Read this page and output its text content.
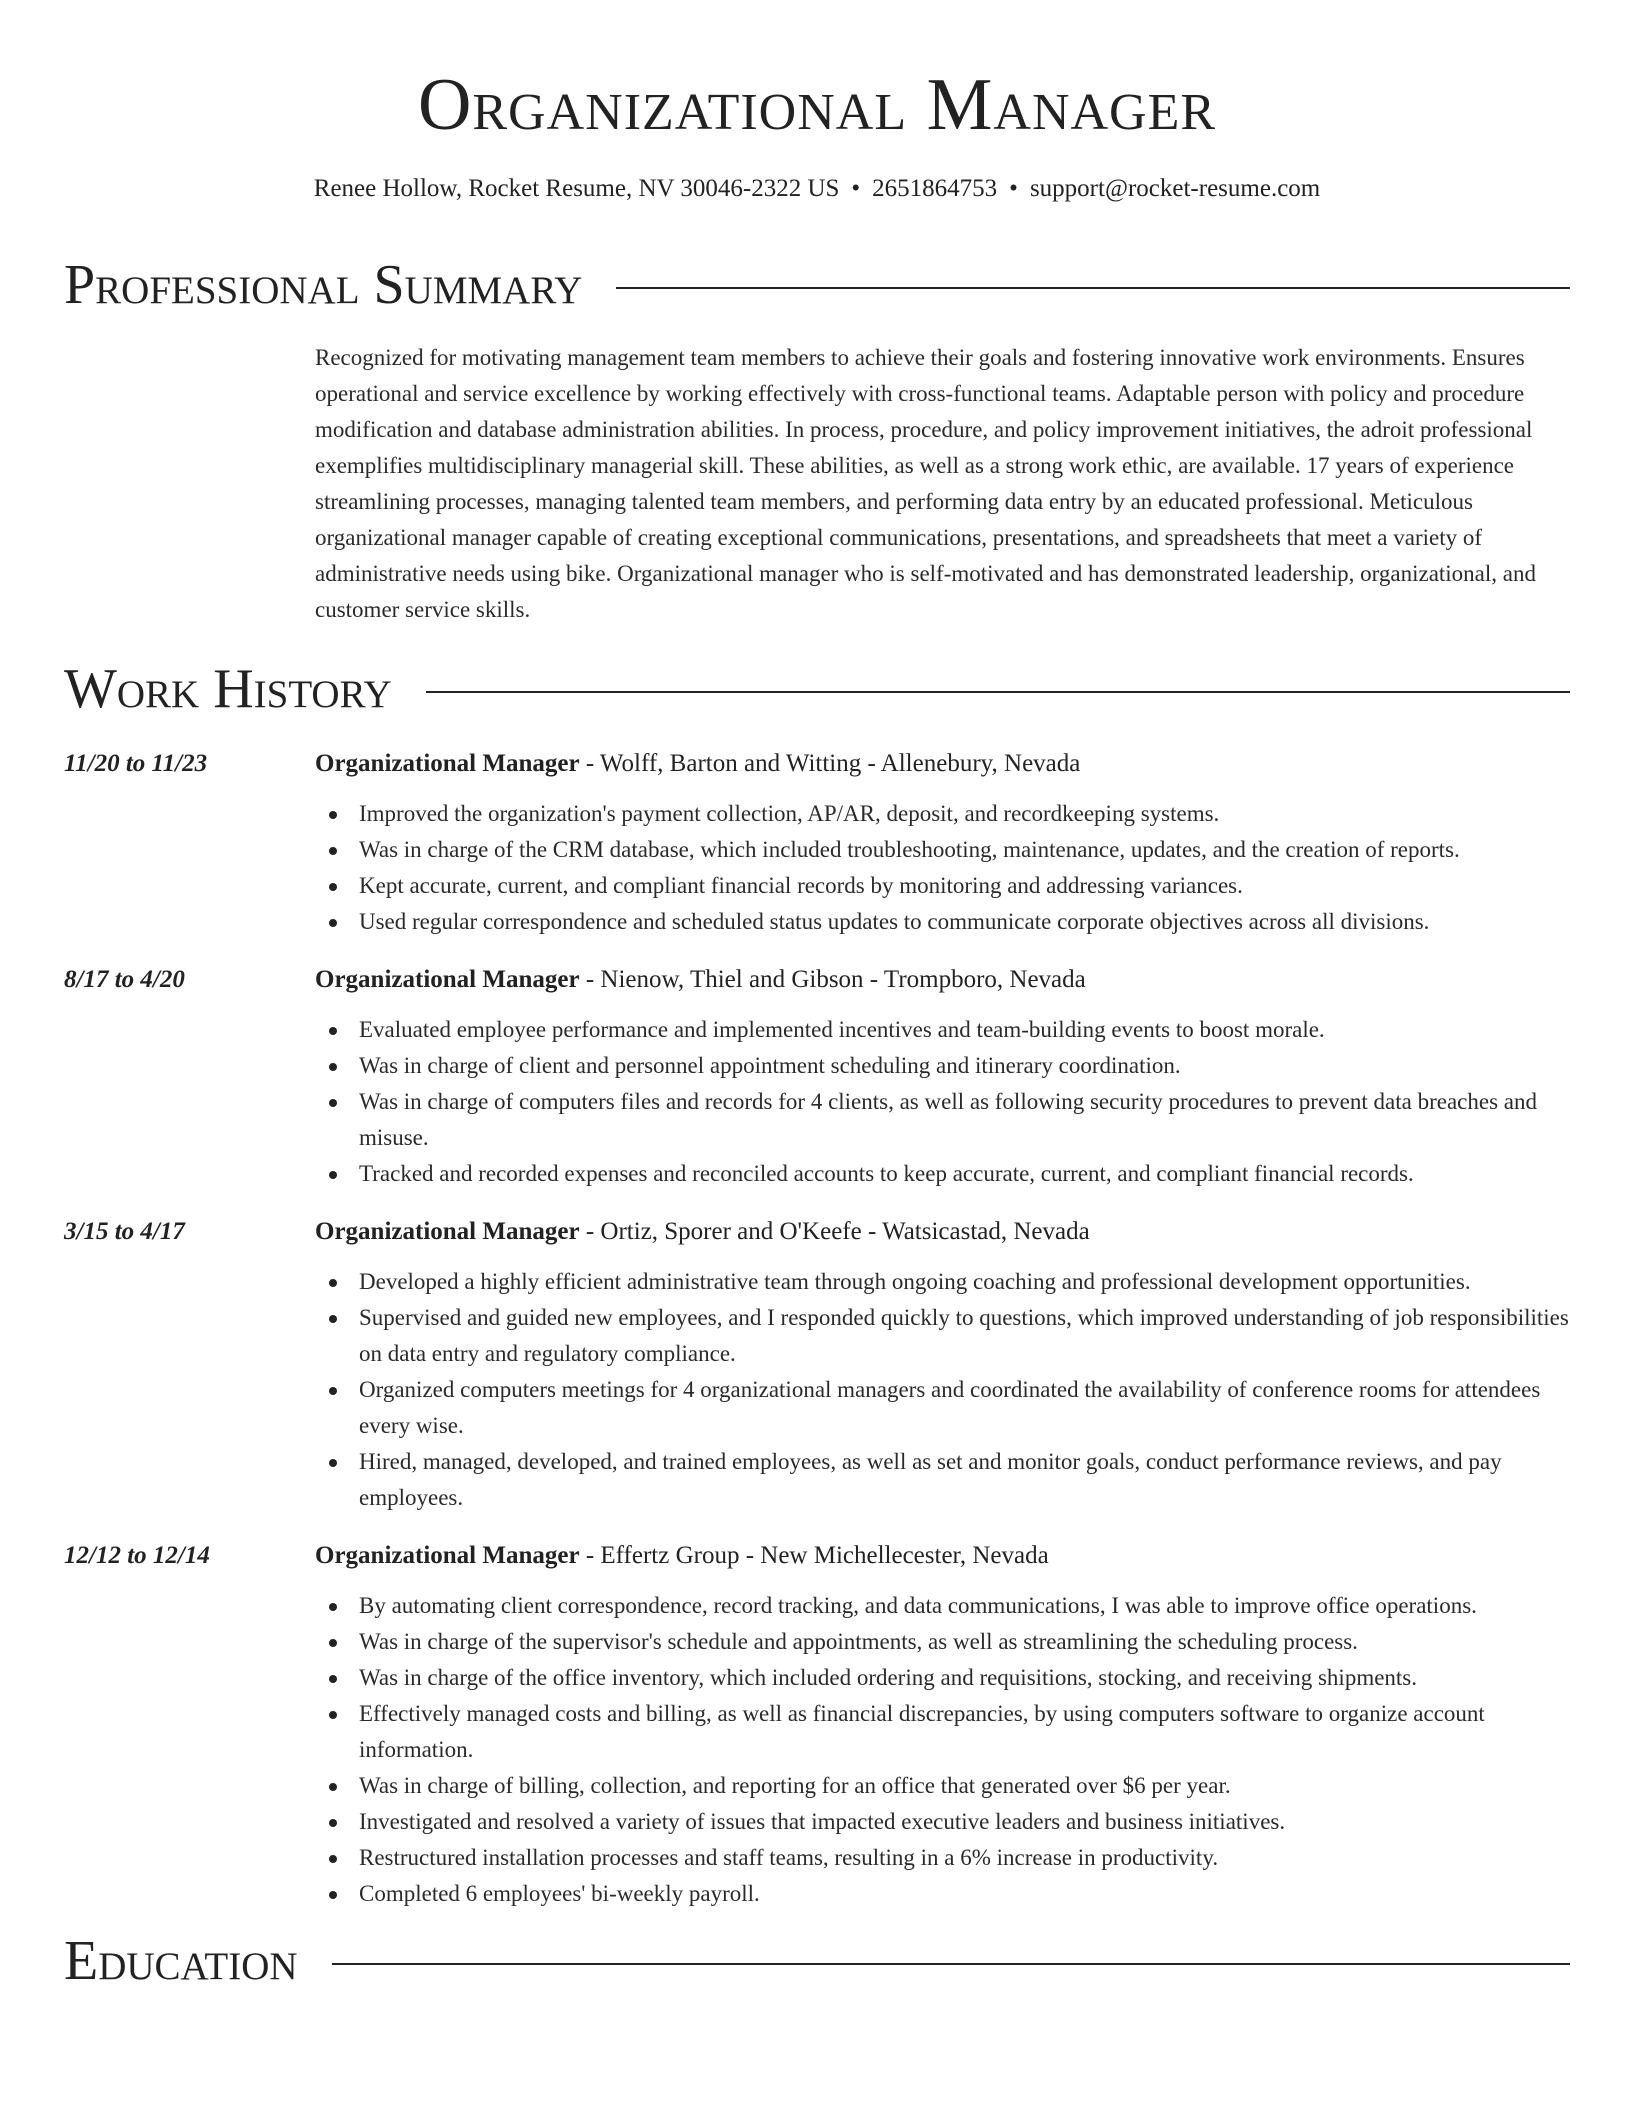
Organizational Manager
Renee Hollow, Rocket Resume, NV 30046-2322 US • 2651864753 • support@rocket-resume.com
Professional Summary
Recognized for motivating management team members to achieve their goals and fostering innovative work environments. Ensures operational and service excellence by working effectively with cross-functional teams. Adaptable person with policy and procedure modification and database administration abilities. In process, procedure, and policy improvement initiatives, the adroit professional exemplifies multidisciplinary managerial skill. These abilities, as well as a strong work ethic, are available. 17 years of experience streamlining processes, managing talented team members, and performing data entry by an educated professional. Meticulous organizational manager capable of creating exceptional communications, presentations, and spreadsheets that meet a variety of administrative needs using bike. Organizational manager who is self-motivated and has demonstrated leadership, organizational, and customer service skills.
Work History
11/20 to 11/23	Organizational Manager - Wolff, Barton and Witting - Allenebury, Nevada
Improved the organization's payment collection, AP/AR, deposit, and recordkeeping systems.
Was in charge of the CRM database, which included troubleshooting, maintenance, updates, and the creation of reports.
Kept accurate, current, and compliant financial records by monitoring and addressing variances.
Used regular correspondence and scheduled status updates to communicate corporate objectives across all divisions.
8/17 to 4/20	Organizational Manager - Nienow, Thiel and Gibson - Trompboro, Nevada
Evaluated employee performance and implemented incentives and team-building events to boost morale.
Was in charge of client and personnel appointment scheduling and itinerary coordination.
Was in charge of computers files and records for 4 clients, as well as following security procedures to prevent data breaches and misuse.
Tracked and recorded expenses and reconciled accounts to keep accurate, current, and compliant financial records.
3/15 to 4/17	Organizational Manager - Ortiz, Sporer and O'Keefe - Watsicastad, Nevada
Developed a highly efficient administrative team through ongoing coaching and professional development opportunities.
Supervised and guided new employees, and I responded quickly to questions, which improved understanding of job responsibilities on data entry and regulatory compliance.
Organized computers meetings for 4 organizational managers and coordinated the availability of conference rooms for attendees every wise.
Hired, managed, developed, and trained employees, as well as set and monitor goals, conduct performance reviews, and pay employees.
12/12 to 12/14	Organizational Manager - Effertz Group - New Michellecester, Nevada
By automating client correspondence, record tracking, and data communications, I was able to improve office operations.
Was in charge of the supervisor's schedule and appointments, as well as streamlining the scheduling process.
Was in charge of the office inventory, which included ordering and requisitions, stocking, and receiving shipments.
Effectively managed costs and billing, as well as financial discrepancies, by using computers software to organize account information.
Was in charge of billing, collection, and reporting for an office that generated over $6 per year.
Investigated and resolved a variety of issues that impacted executive leaders and business initiatives.
Restructured installation processes and staff teams, resulting in a 6% increase in productivity.
Completed 6 employees' bi-weekly payroll.
Education
